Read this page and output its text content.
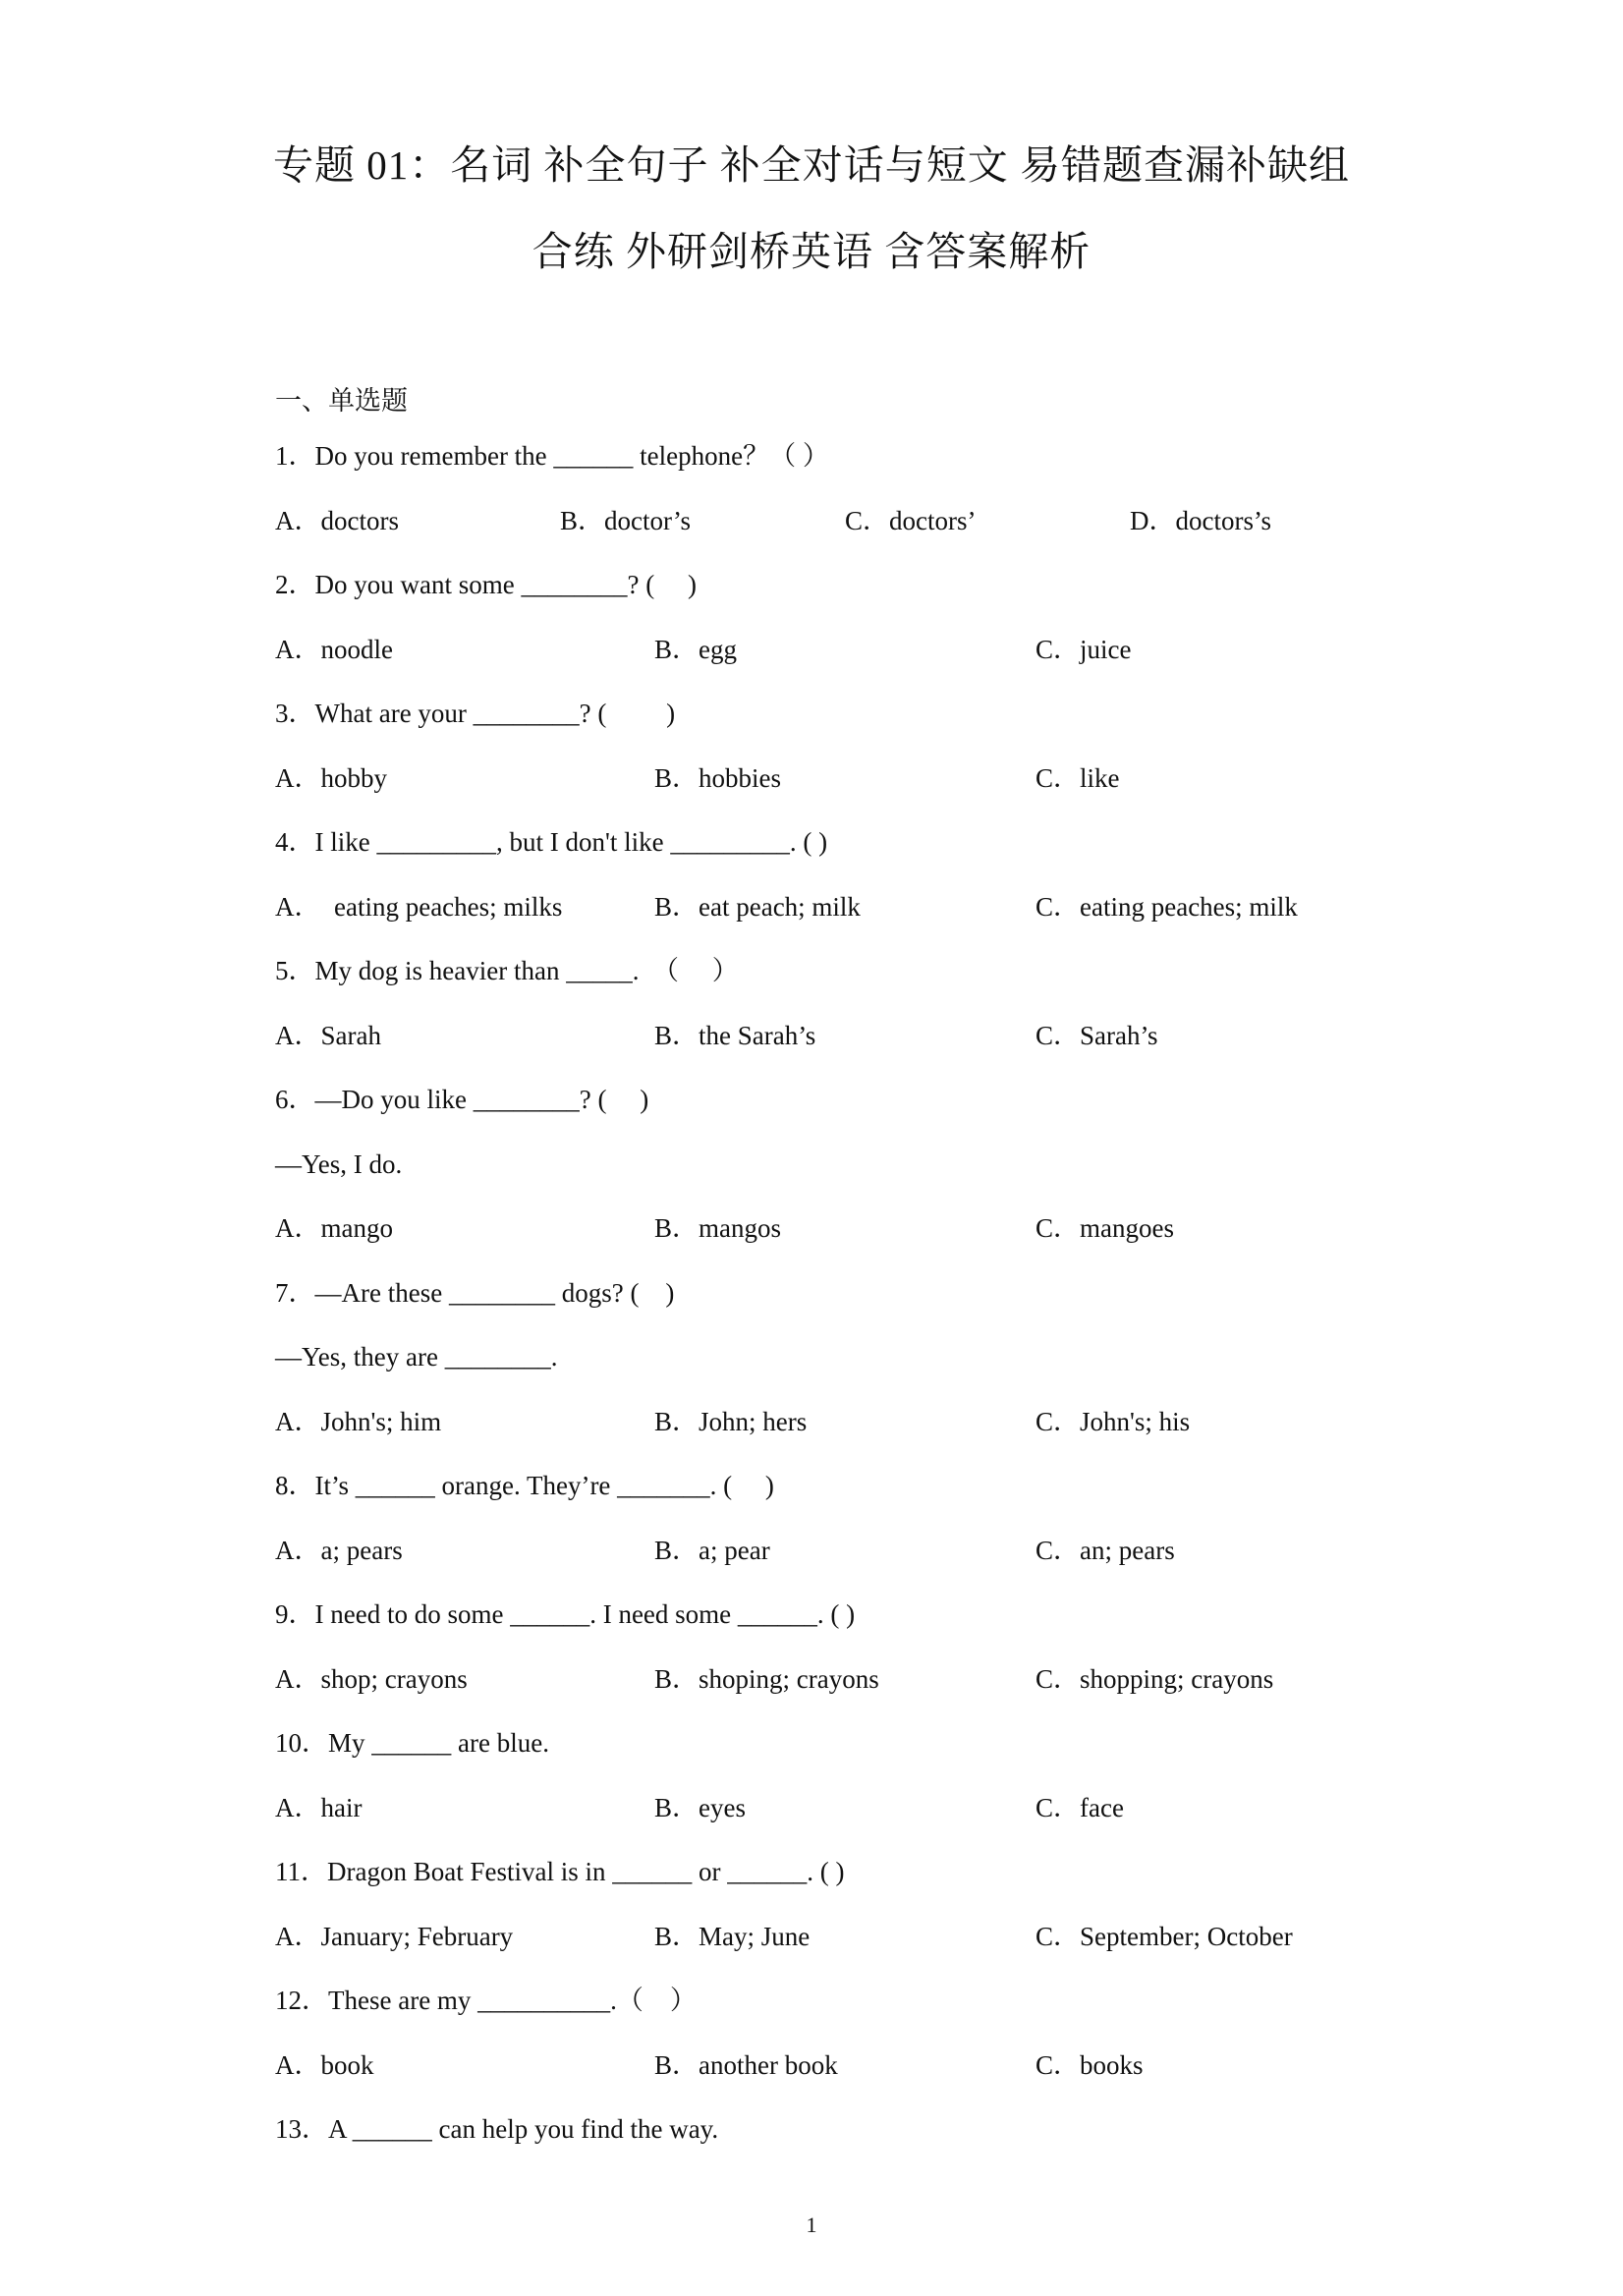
专题 01：名词 补全句子 补全对话与短文 易错题查漏补缺组
合练 外研剑桥英语 含答案解析
一、单选题
1．Do you remember the ______ telephone？（ ）
A．doctors	B．doctor’s	C．doctors’	D．doctors’s
2．Do you want some ________? (　 )
A．noodle	B．egg	C．juice
3．What are your ________? (　　 )
A．hobby	B．hobbies	C．like
4．I like _________, but I don't like _________. ( )
A．　eating peaches; milks	B．eat peach; milk	C．eating peaches; milk
5．My dog is heavier than _____.　（　 ）
A．Sarah	B．the Sarah’s	C．Sarah’s
6．—Do you like ________? (　 )
—Yes, I do.
A．mango	B．mangos	C．mangoes
7．—Are these ________ dogs? (　)
—Yes, they are ________.
A．John's; him	B．John; hers	C．John's; his
8．It’s ______ orange. They’re _______. (　 )
A．a; pears	B．a; pear	C．an; pears
9．I need to do some ______. I need some ______. ( )
A．shop; crayons	B．shoping; crayons	C．shopping; crayons
10．My ______ are blue.
A．hair	B．eyes	C．face
11．Dragon Boat Festival is in ______ or ______. ( )
A．January; February	B．May; June	C．September; October
12．These are my __________.（　）
A．book	B．another book	C．books
13．A ______ can help you find the way.
1
